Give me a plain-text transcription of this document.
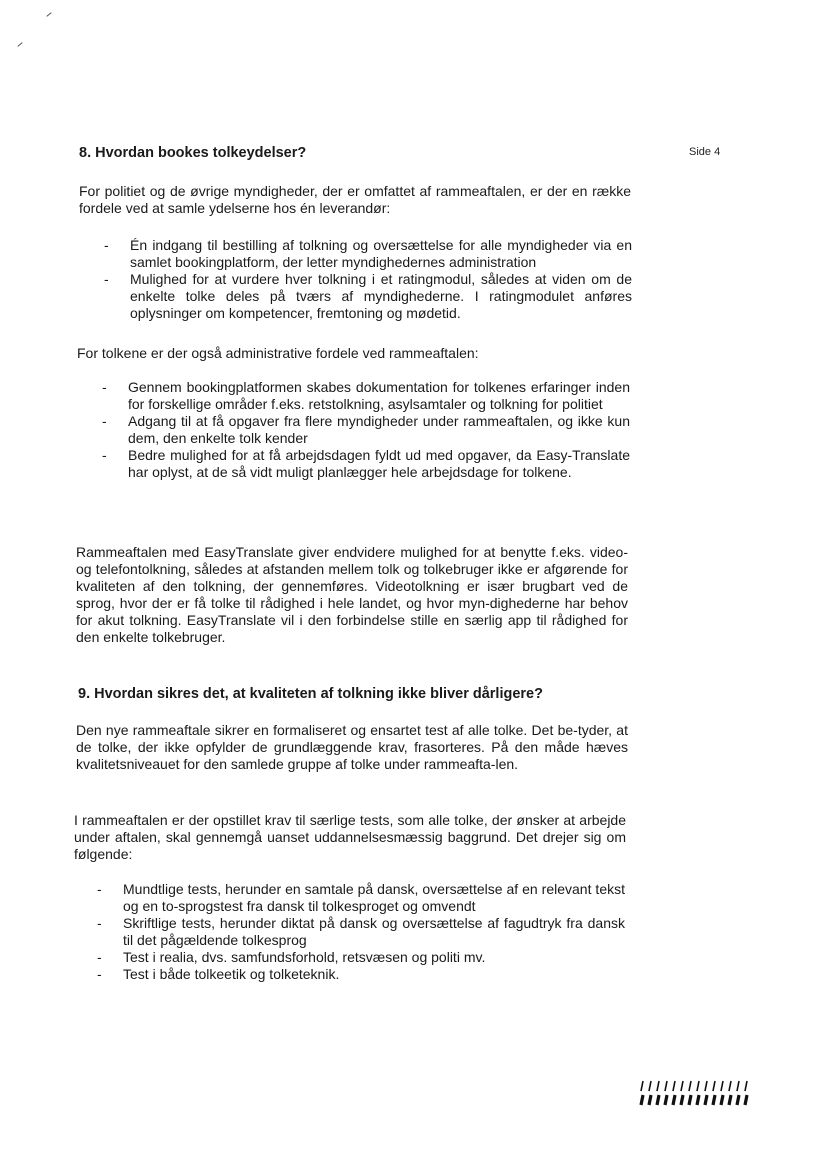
Side 4
8. Hvordan bookes tolkeydelser?

For politiet og de øvrige myndigheder, der er omfattet af rammeaftalen, er der en række fordele ved at samle ydelserne hos én leverandør:

- Én indgang til bestilling af tolkning og oversættelse for alle myndigheder via en samlet bookingplatform, der letter myndighedernes administration
- Mulighed for at vurdere hver tolkning i et ratingmodul, således at viden om de enkelte tolke deles på tværs af myndighederne. I ratingmodulet anføres oplysninger om kompetencer, fremtoning og mødetid.

For tolkene er der også administrative fordele ved rammeaftalen:

- Gennem bookingplatformen skabes dokumentation for tolkenes erfaringer inden for forskellige områder f.eks. retstolkning, asylsamtaler og tolkning for politiet
- Adgang til at få opgaver fra flere myndigheder under rammeaftalen, og ikke kun dem, den enkelte tolk kender
- Bedre mulighed for at få arbejdsdagen fyldt ud med opgaver, da Easy-Translate har oplyst, at de så vidt muligt planlægger hele arbejdsdage for tolkene.

Rammeaftalen med EasyTranslate giver endvidere mulighed for at benytte f.eks. video- og telefontolkning, således at afstanden mellem tolk og tolkebruger ikke er afgørende for kvaliteten af den tolkning, der gennemføres. Videotolkning er især brugbart ved de sprog, hvor der er få tolke til rådighed i hele landet, og hvor myn-dighederne har behov for akut tolkning. EasyTranslate vil i den forbindelse stille en særlig app til rådighed for den enkelte tolkebruger.

9. Hvordan sikres det, at kvaliteten af tolkning ikke bliver dårligere?

Den nye rammeaftale sikrer en formaliseret og ensartet test af alle tolke. Det be-tyder, at de tolke, der ikke opfylder de grundlæggende krav, frasorteres. På den måde hæves kvalitetsniveauet for den samlede gruppe af tolke under rammeafta-len.

I rammeaftalen er der opstillet krav til særlige tests, som alle tolke, der ønsker at arbejde under aftalen, skal gennemgå uanset uddannelsesmæssig baggrund. Det drejer sig om følgende:

- Mundtlige tests, herunder en samtale på dansk, oversættelse af en relevant tekst og en to-sprogstest fra dansk til tolkesproget og omvendt
- Skriftlige tests, herunder diktat på dansk og oversættelse af fagudtryk fra dansk til det pågældende tolkesprog
- Test i realia, dvs. samfundsforhold, retsvæsen og politi mv.
- Test i både tolkeetik og tolketeknik.
